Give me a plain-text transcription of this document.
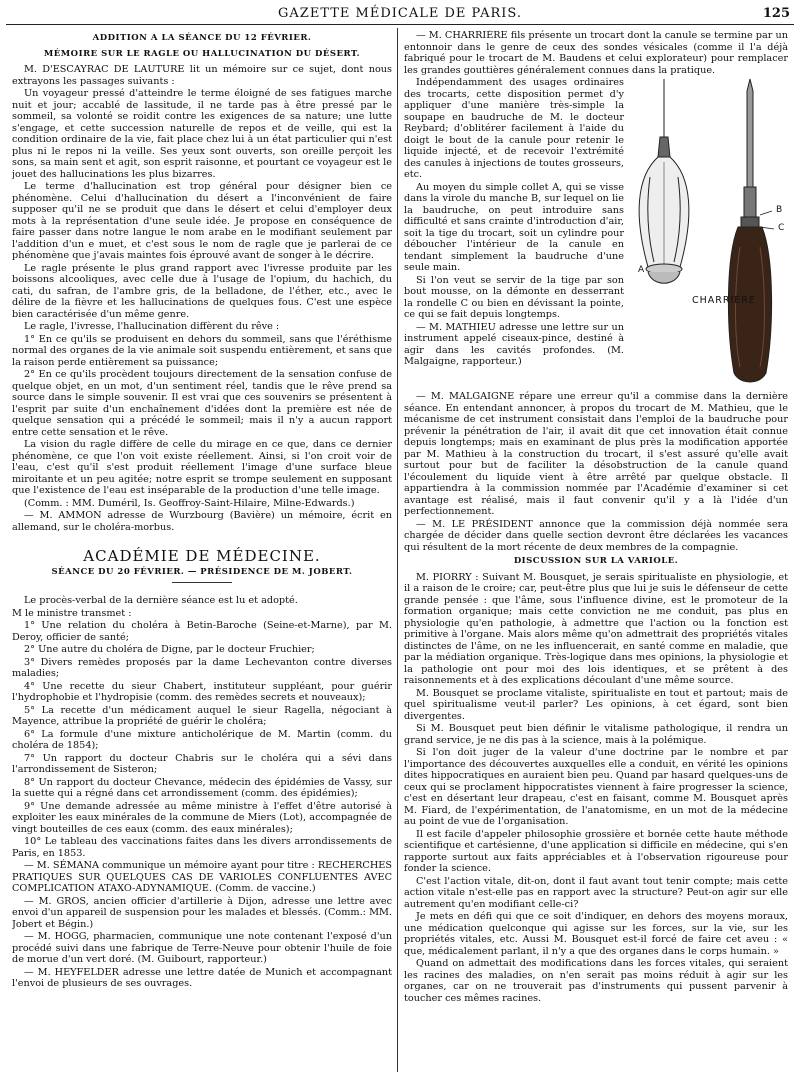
GAZETTE MÉDICALE DE PARIS.	125
ADDITION A LA SÉANCE DU 12 FÉVRIER.
MÉMOIRE SUR LE RAGLE OU HALLUCINATION DU DÉSERT.

M. D'ESCAYRAC DE LAUTURE lit un mémoire sur ce sujet, dont nous extrayons les passages suivants :

Un voyageur pressé d'atteindre le terme éloigné de ses fatigues marche nuit et jour; accablé de lassitude, il ne tarde pas à être pressé par le sommeil, sa volonté se roidit contre les exigences de sa nature; une lutte s'engage, et cette succession naturelle de repos et de veille, qui est la condition ordinaire de la vie, fait place chez lui à un état particulier qui n'est plus ni le repos ni la veille. Ses yeux sont ouverts, son oreille perçoit les sons, sa main sent et agit, son esprit raisonne, et pourtant ce voyageur est le jouet des hallucinations les plus bizarres.

Le terme d'hallucination est trop général pour désigner bien ce phénomène. Celui d'hallucination du désert a l'inconvénient de faire supposer qu'il ne se produit que dans le désert et celui d'employer deux mots à la représentation d'une seule idée. Je propose en conséquence de faire passer dans notre langue le nom arabe en le modifiant seulement par l'addition d'un e muet, et c'est sous le nom de ragle que je parlerai de ce phénomène que j'avais maintes fois éprouvé avant de songer à le décrire.

Le ragle présente le plus grand rapport avec l'ivresse produite par les boissons alcooliques, avec celle due à l'usage de l'opium, du hachich, du cati, du safran, de l'ambre gris, de la belladone, de l'éther, etc., avec le délire de la fièvre et les hallucinations de quelques fous. C'est une espèce bien caractérisée d'un même genre.

Le ragle, l'ivresse, l'hallucination diffèrent du rêve :

1° En ce qu'ils se produisent en dehors du sommeil, sans que l'éréthisme normal des organes de la vie animale soit suspendu entièrement, et sans que la raison perde entièrement sa puissance;

2° En ce qu'ils procèdent toujours directement de la sensation confuse de quelque objet, en un mot, d'un sentiment réel, tandis que le rêve prend sa source dans le simple souvenir. Il est vrai que ces souvenirs se présentent à l'esprit par suite d'un enchaînement d'idées dont la première est née de quelque sensation qui a précédé le sommeil; mais il n'y a aucun rapport entre cette sensation et le rêve.

La vision du ragle diffère de celle du mirage en ce que, dans ce dernier phénomène, ce que l'on voit existe réellement. Ainsi, si l'on croit voir de l'eau, c'est qu'il s'est produit réellement l'image d'une surface bleue miroitante et un peu agitée; notre esprit se trompe seulement en supposant que l'existence de l'eau est inséparable de la production d'une telle image.

(Comm. : MM. Duméril, Is. Geoffroy-Saint-Hilaire, Milne-Edwards.)

— M. AMMON adresse de Wurzbourg (Bavière) un mémoire, écrit en allemand, sur le choléra-morbus.

ACADÉMIE DE MÉDECINE.
SÉANCE DU 20 FÉVRIER. — PRÉSIDENCE DE M. JOBERT.

Le procès-verbal de la dernière séance est lu et adopté.

M le ministre transmet :

1° Une relation du choléra à Betin-Baroche (Seine-et-Marne), par M. Deroy, officier de santé;

2° Une autre du choléra de Digne, par le docteur Fruchier;

3° Divers remèdes proposés par la dame Lechevanton contre diverses maladies;

4° Une recette du sieur Chabert, instituteur suppléant, pour guérir l'hydrophobie et l'hydropisie (comm. des remèdes secrets et nouveaux);

5° La recette d'un médicament auquel le sieur Ragella, négociant à Mayence, attribue la propriété de guérir le choléra;

6° La formule d'une mixture anticholérique de M. Martin (comm. du choléra de 1854);

7° Un rapport du docteur Chabris sur le choléra qui a sévi dans l'arrondissement de Sisteron;

8° Un rapport du docteur Chevance, médecin des épidémies de Vassy, sur la suette qui a régné dans cet arrondissement (comm. des épidémies);

9° Une demande adressée au même ministre à l'effet d'être autorisé à exploiter les eaux minérales de la commune de Miers (Lot), accompagnée de vingt bouteilles de ces eaux (comm. des eaux minérales);

10° Le tableau des vaccinations faites dans les divers arrondissements de Paris, en 1853.

— M. SÉMANA communique un mémoire ayant pour titre : RECHERCHES PRATIQUES SUR QUELQUES CAS DE VARIOLES CONFLUENTES AVEC COMPLICATION ATAXO-ADYNAMIQUE. (Comm. de vaccine.)

— M. GROS, ancien officier d'artillerie à Dijon, adresse une lettre avec envoi d'un appareil de suspension pour les malades et blessés. (Comm.: MM. Jobert et Bégin.)

— M. HOGG, pharmacien, communique une note contenant l'exposé d'un procédé suivi dans une fabrique de Terre-Neuve pour obtenir l'huile de foie de morue d'un vert doré. (M. Guibourt, rapporteur.)

— M. HEYFELDER adresse une lettre datée de Munich et accompagnant l'envoi de plusieurs de ses ouvrages.

— M. CHARRIÈRE fils présente un trocart dont la canule se termine par un entonnoir dans le genre de ceux des sondes vésicales (comme il l'a déjà fabriqué pour le trocart de M. Baudens et celui explorateur) pour remplacer les grandes gouttières généralement connues dans la pratique.

B
C
A
CHARRIERE

Indépendamment des usages ordinaires des trocarts, cette disposition permet d'y appliquer d'une manière très-simple la soupape en baudruche de M. le docteur Reybard; d'oblitérer facilement à l'aide du doigt le bout de la canule pour retenir le liquide injecté, et de recevoir l'extrémité des canules à injections de toutes grosseurs, etc.

Au moyen du simple collet A, qui se visse dans la virole du manche B, sur lequel on lie la baudruche, on peut introduire sans difficulté et sans crainte d'introduction d'air, soit la tige du trocart, soit un cylindre pour déboucher l'intérieur de la canule en tendant simplement la baudruche d'une seule main.

Si l'on veut se servir de la tige par son bout mousse, on la démonte en desserrant la rondelle C ou bien en dévissant la pointe, ce qui se fait depuis longtemps.

— M. MATHIEU adresse une lettre sur un instrument appelé ciseaux-pince, destiné à agir dans les cavités profondes. (M. Malgaigne, rapporteur.)

— M. MALGAIGNE répare une erreur qu'il a commise dans la dernière séance. En entendant annoncer, à propos du trocart de M. Mathieu, que le mécanisme de cet instrument consistait dans l'emploi de la baudruche pour prévenir la pénétration de l'air, il avait dit que cet innovation était connue depuis longtemps; mais en examinant de plus près la modification apportée par M. Mathieu à la construction du trocart, il s'est assuré qu'elle avait surtout pour but de faciliter la désobstruction de la canule quand l'écoulement du liquide vient à être arrêté par quelque obstacle. Il appartiendra à la commission nommée par l'Académie d'examiner si cet avantage est réalisé, mais il faut convenir qu'il y a là l'idée d'un perfectionnement.

— M. LE PRÉSIDENT annonce que la commission déjà nommée sera chargée de décider dans quelle section devront être déclarées les vacances qui résultent de la mort récente de deux membres de la compagnie.

DISCUSSION SUR LA VARIOLE.

M. PIORRY : Suivant M. Bousquet, je serais spiritualiste en physiologie, et il a raison de le croire; car, peut-être plus que lui je suis le défenseur de cette grande pensée : que l'âme, sous l'influence divine, est le promoteur de la formation organique; mais cette conviction ne me conduit, pas plus en physiologie qu'en pathologie, à admettre que l'action ou la fonction est primitive à l'organe. Mais alors même qu'on admettrait des propriétés vitales distinctes de l'âme, on ne les influencerait, en santé comme en maladie, que par la médiation organique. Très-logique dans mes opinions, la physiologie et la pathologie ont pour moi des lois identiques, et se prêtent à des raisonnements et à des explications découlant d'une même source.

M. Bousquet se proclame vitaliste, spiritualiste en tout et partout; mais de quel spiritualisme veut-il parler? Les opinions, à cet égard, sont bien divergentes.

Si M. Bousquet peut bien définir le vitalisme pathologique, il rendra un grand service, je ne dis pas à la science, mais à la polémique.

Si l'on doit juger de la valeur d'une doctrine par le nombre et par l'importance des découvertes auxquelles elle a conduit, en vérité les opinions dites hippocratiques en auraient bien peu. Quand par hasard quelques-uns de ceux qui se proclament hippocratistes viennent à faire progresser la science, c'est en désertant leur drapeau, c'est en faisant, comme M. Bousquet après M. Fiard, de l'expérimentation, de l'anatomisme, en un mot de la médecine au point de vue de l'organisation.

Il est facile d'appeler philosophie grossière et bornée cette haute méthode scientifique et cartésienne, d'une application si difficile en médecine, qui s'en rapporte surtout aux faits appréciables et à l'observation rigoureuse pour fonder la science.

C'est l'action vitale, dit-on, dont il faut avant tout tenir compte; mais cette action vitale n'est-elle pas en rapport avec la structure? Peut-on agir sur elle autrement qu'en modifiant celle-ci?

Je mets en défi qui que ce soit d'indiquer, en dehors des moyens moraux, une médication quelconque qui agisse sur les forces, sur la vie, sur les propriétés vitales, etc. Aussi M. Bousquet est-il forcé de faire cet aveu : « que, médicalement parlant, il n'y a que des organes dans le corps humain. »

Quand on admettait des modifications dans les forces vitales, qui seraient les racines des maladies, on n'en serait pas moins réduit à agir sur les organes, car on ne trouverait pas d'instruments qui pussent parvenir à toucher ces mêmes racines.
